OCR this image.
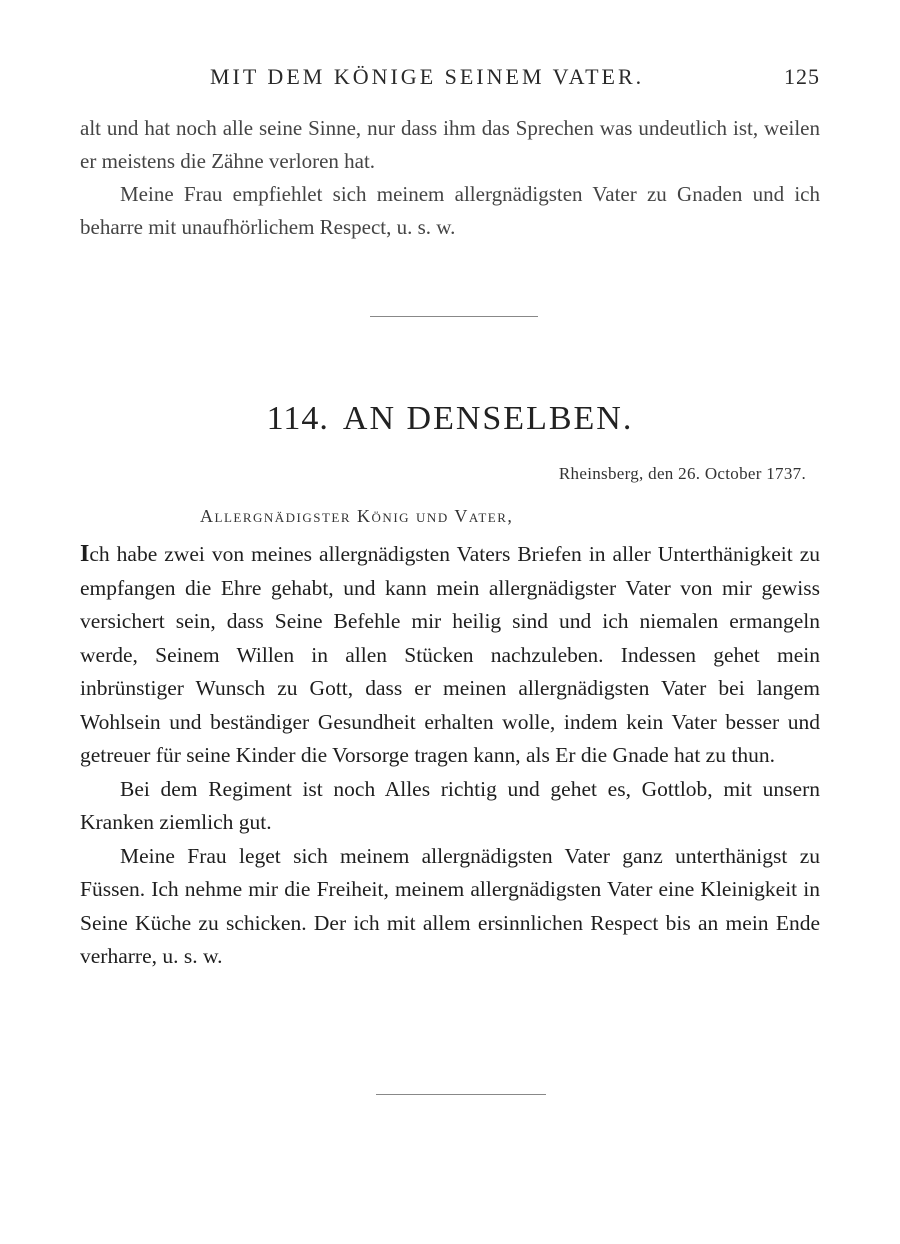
MIT DEM KÖNIGE SEINEM VATER.	125

alt und hat noch alle seine Sinne, nur dass ihm das Sprechen was undeutlich ist, weilen er meistens die Zähne verloren hat.

Meine Frau empfiehlet sich meinem allergnädigsten Vater zu Gnaden und ich beharre mit unaufhörlichem Respect, u. s. w.

114. AN DENSELBEN.
Rheinsberg, den 26. October 1737.
Allergnädigster König und Vater,

Ich habe zwei von meines allergnädigsten Vaters Briefen in aller Unterthänigkeit zu empfangen die Ehre gehabt, und kann mein allergnädigster Vater von mir gewiss versichert sein, dass Seine Befehle mir heilig sind und ich niemalen ermangeln werde, Seinem Willen in allen Stücken nachzuleben. Indessen gehet mein inbrünstiger Wunsch zu Gott, dass er meinen allergnädigsten Vater bei langem Wohlsein und beständiger Gesundheit erhalten wolle, indem kein Vater besser und getreuer für seine Kinder die Vorsorge tragen kann, als Er die Gnade hat zu thun.

Bei dem Regiment ist noch Alles richtig und gehet es, Gottlob, mit unsern Kranken ziemlich gut.

Meine Frau leget sich meinem allergnädigsten Vater ganz unterthänigst zu Füssen. Ich nehme mir die Freiheit, meinem allergnädigsten Vater eine Kleinigkeit in Seine Küche zu schicken. Der ich mit allem ersinnlichen Respect bis an mein Ende verharre, u. s. w.
